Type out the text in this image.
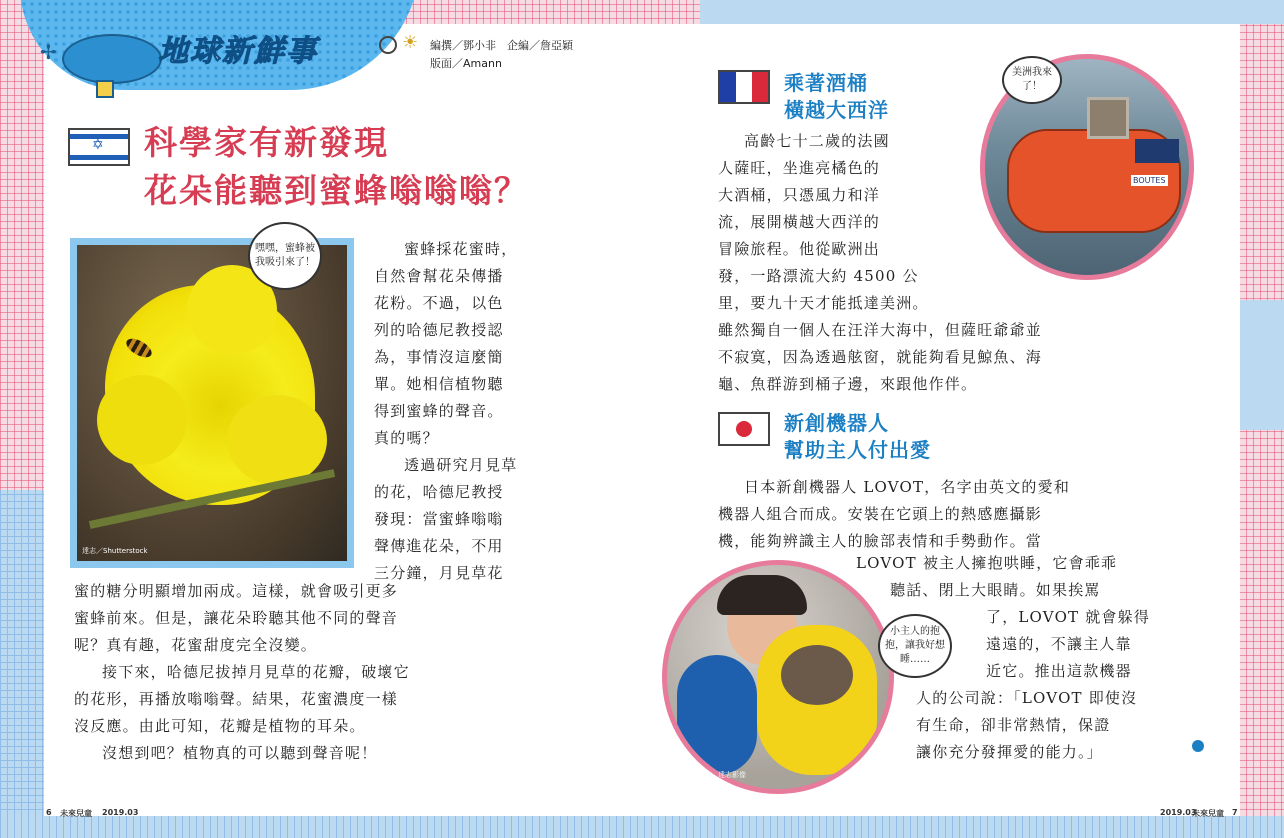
✢	地球新鮮事	☀ 編撰／鄧小非　企編／詹亞穎
版面／Amann
✡ 科學家有新發現
花朵能聽到蜜蜂嗡嗡嗡？
達志／Shutterstock
嘿嘿，蜜蜂被我吸引來了！

蜜蜂採花蜜時，

自然會幫花朵傳播

花粉。不過，以色

列的哈德尼教授認

為，事情沒這麼簡

單。她相信植物聽

得到蜜蜂的聲音。

真的嗎？

透過研究月見草

的花，哈德尼教授

發現：當蜜蜂嗡嗡

聲傳進花朵，不用

三分鐘，月見草花

蜜的糖分明顯增加兩成。這樣，就會吸引更多

蜜蜂前來。但是，讓花朵聆聽其他不同的聲音

呢？真有趣，花蜜甜度完全沒變。

接下來，哈德尼拔掉月見草的花瓣，破壞它

的花形，再播放嗡嗡聲。結果，花蜜濃度一樣

沒反應。由此可知，花瓣是植物的耳朵。

沒想到吧？植物真的可以聽到聲音呢！

乘著酒桶
橫越大西洋
BOUTES
美洲我來了！
達志影像

高齡七十二歲的法國

人薩旺，坐進亮橘色的

大酒桶，只憑風力和洋

流，展開橫越大西洋的

冒險旅程。他從歐洲出

發，一路漂流大約 4500 公

里，要九十天才能抵達美洲。

雖然獨自一個人在汪洋大海中，但薩旺爺爺並

不寂寞，因為透過舷窗，就能夠看見鯨魚、海

龜、魚群游到桶子邊，來跟他作伴。

新創機器人
幫助主人付出愛

日本新創機器人 LOVOT，名字由英文的愛和

機器人組合而成。安裝在它頭上的熱感應攝影

機，能夠辨識主人的臉部表情和手勢動作。當

小主人的抱抱，讓我好想睡……
達志影像

LOVOT 被主人擁抱哄睡，它會乖乖

聽話、閉上大眼睛。如果挨罵

了，LOVOT 就會躲得

遠遠的，不讓主人靠

近它。推出這款機器

人的公司說：「LOVOT 即使沒

有生命，卻非常熱情，保證

讓你充分發揮愛的能力。」

6 未來兒童 2019.03	2019.03
未來兒童 7
